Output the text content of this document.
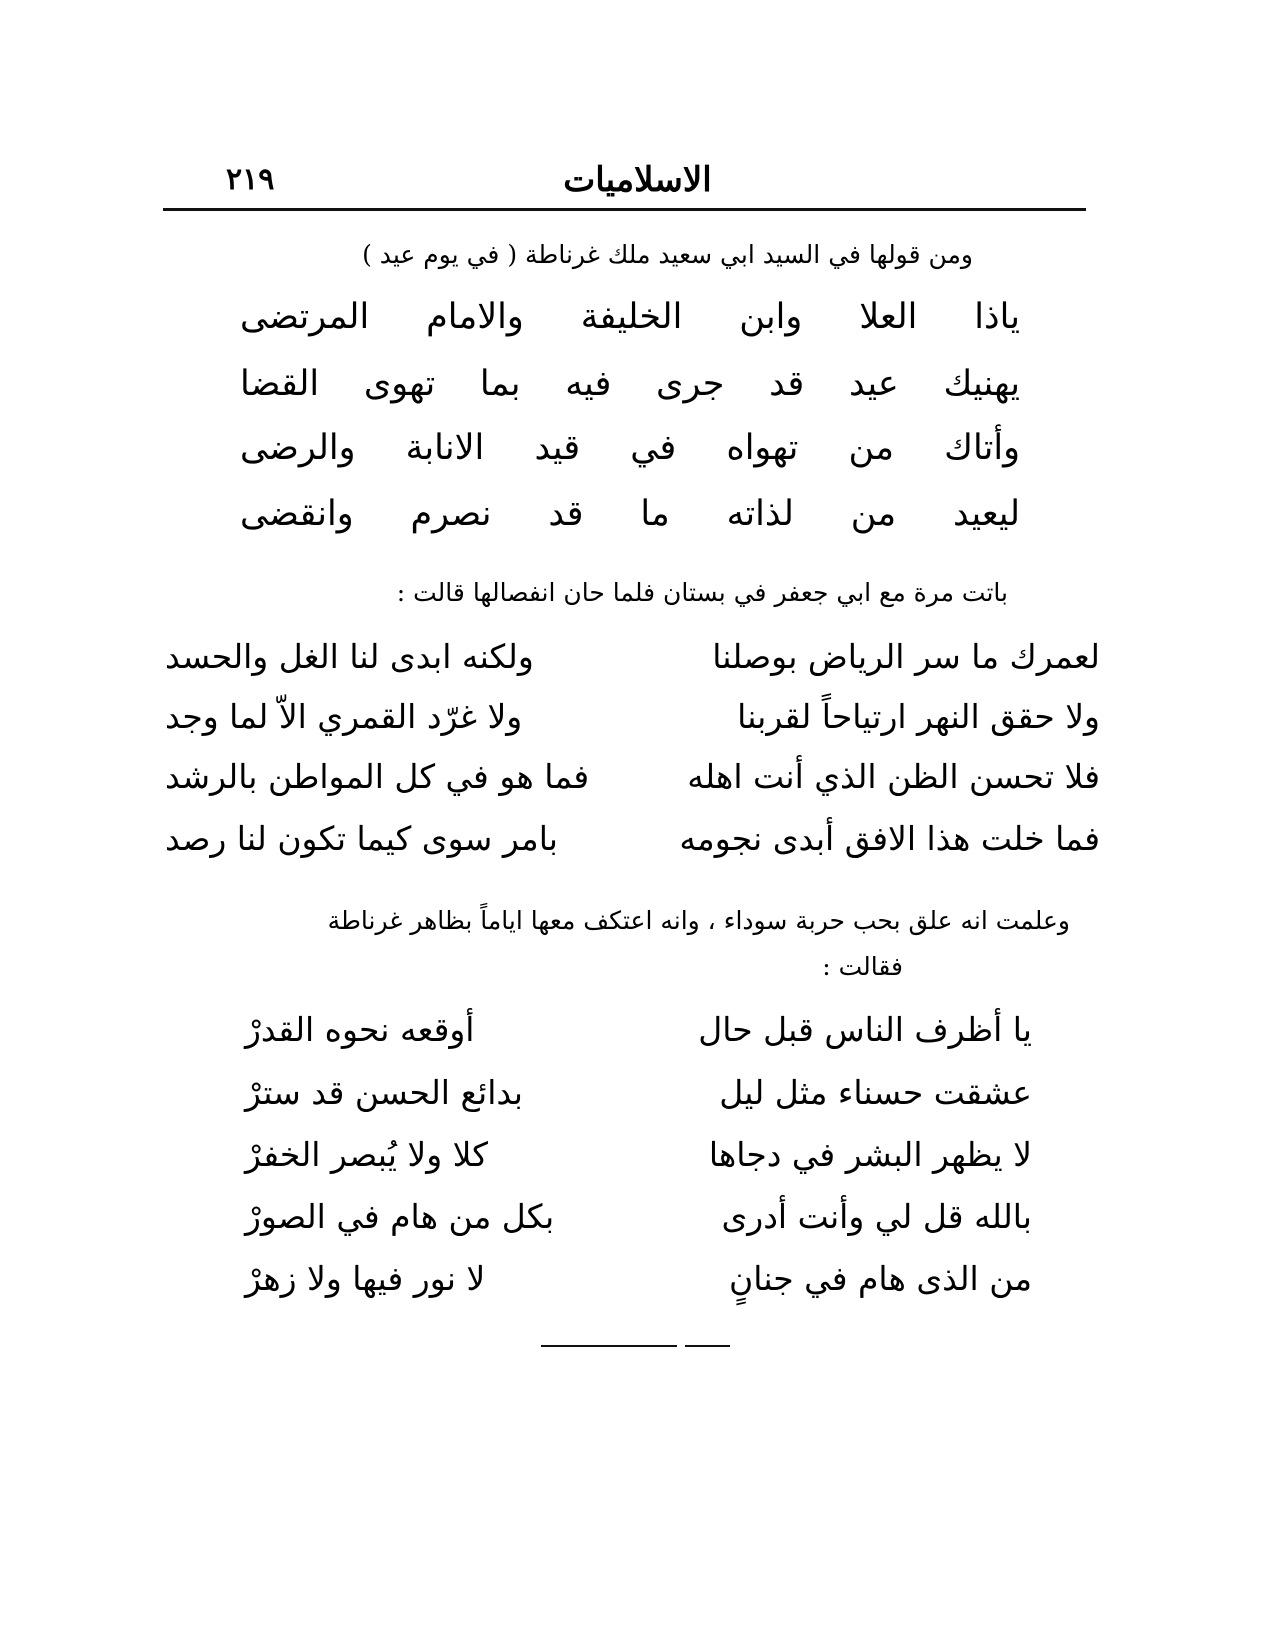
الاسلاميات
٢١٩
ومن قولها في السيد ابي سعيد ملك غرناطة ( في يوم عيد )
ياذا العلا وابن الخليفة والامام المرتضى
يهنيك عيد قد جرى فيه بما تهوى القضا
وأتاك من تهواه في قيد الانابة والرضى
ليعيد من لذاته ما قد نصرم وانقضى
باتت مرة مع ابي جعفر في بستان فلما حان انفصالها قالت :
لعمرك ما سر الرياض بوصلنا
ولكنه ابدى لنا الغل والحسد
ولا حقق النهر ارتياحاً لقربنا
ولا غرّد القمري الاّ لما وجد
فلا تحسن الظن الذي أنت اهله
فما هو في كل المواطن بالرشد
فما خلت هذا الافق أبدى نجومه
بامر سوى كيما تكون لنا رصد
وعلمت انه علق بحب حربة سوداء ، وانه اعتكف معها اياماً بظاهر غرناطة
فقالت :
يا أظرف الناس قبل حال
أوقعه نحوه القدرْ
عشقت حسناء مثل ليل
بدائع الحسن قد سترْ
لا يظهر البشر في دجاها
كلا ولا يُبصر الخفرْ
بالله قل لي وأنت أدرى
بكل من هام في الصورْ
من الذى هام في جنانٍ
لا نور فيها ولا زهرْ
